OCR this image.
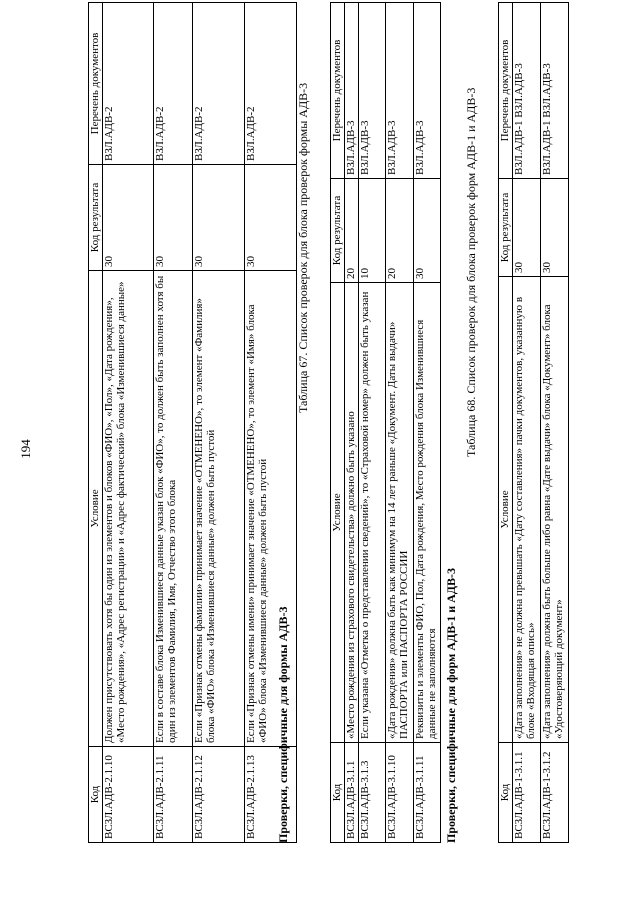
194
Код	Условие	Код результата	Перечень документов
ВСЗЛ.АДВ-2.1.10	Должен присутствовать хотя бы один из элементов и блоков «ФИО», «Пол», «Дата рождения», «Место рождения», «Адрес регистрации» и «Адрес фактический» блока «Изменившиеся данные»	30	ВЗЛ.АДВ-2
ВСЗЛ.АДВ-2.1.11	Если в составе блока Изменившиеся данные указан блок «ФИО», то должен быть заполнен хотя бы один из элементов Фамилия, Имя, Отчество этого блока	30	ВЗЛ.АДВ-2
ВСЗЛ.АДВ-2.1.12	Если «Признак отмены фамилии» принимает значение «ОТМЕНЕНО», то элемент «Фамилия» блока «ФИО» блока «Изменившиеся данные» должен быть пустой	30	ВЗЛ.АДВ-2
ВСЗЛ.АДВ-2.1.13	Если «Признак отмены имени» принимает значение «ОТМЕНЕНО», то элемент «Имя» блока «ФИО» блока «Изменившиеся данные» должен быть пустой	30	ВЗЛ.АДВ-2
Проверки, специфичные для формы АДВ-3
Таблица 67. Список проверок для блока проверок формы АДВ-3
Код	Условие	Код результата	Перечень документов
ВСЗЛ.АДВ-3.1.1	«Место рождения из страхового свидетельства» должно быть указано	20	ВЗЛ.АДВ-3
ВСЗЛ.АДВ-3.1.3	Если указана «Отметка о представлении сведений», то «Страховой номер» должен быть указан	10	ВЗЛ.АДВ-3
ВСЗЛ.АДВ-3.1.10	«Дата рождения» должна быть как минимум на 14 лет раньше «Документ. Даты выдачи» ПАСПОРТА или ПАСПОРТА РОССИИ	20	ВЗЛ.АДВ-3
ВСЗЛ.АДВ-3.1.11	Реквизиты и элементы ФИО, Пол, Дата рождения, Место рождения блока Изменившиеся данные не заполняются	30	ВЗЛ.АДВ-3
Проверки, специфичные для форм АДВ-1 и АДВ-3
Таблица 68. Список проверок для блока проверок форм АДВ-1 и АДВ-3
Код	Условие	Код результата	Перечень документов
ВСЗЛ.АДВ-1-3.1.1	«Дата заполнения» не должна превышать «Дату составления» пачки документов, указанную в блоке «Входящая опись»	30	ВЗЛ.АДВ-1 ВЗЛ.АДВ-3
ВСЗЛ.АДВ-1-3.1.2	«Дата заполнения» должна быть больше либо равна «Дате выдачи» блока «Документ» блока «Удостоверяющий документ»	30	ВЗЛ.АДВ-1 ВЗЛ.АДВ-3
